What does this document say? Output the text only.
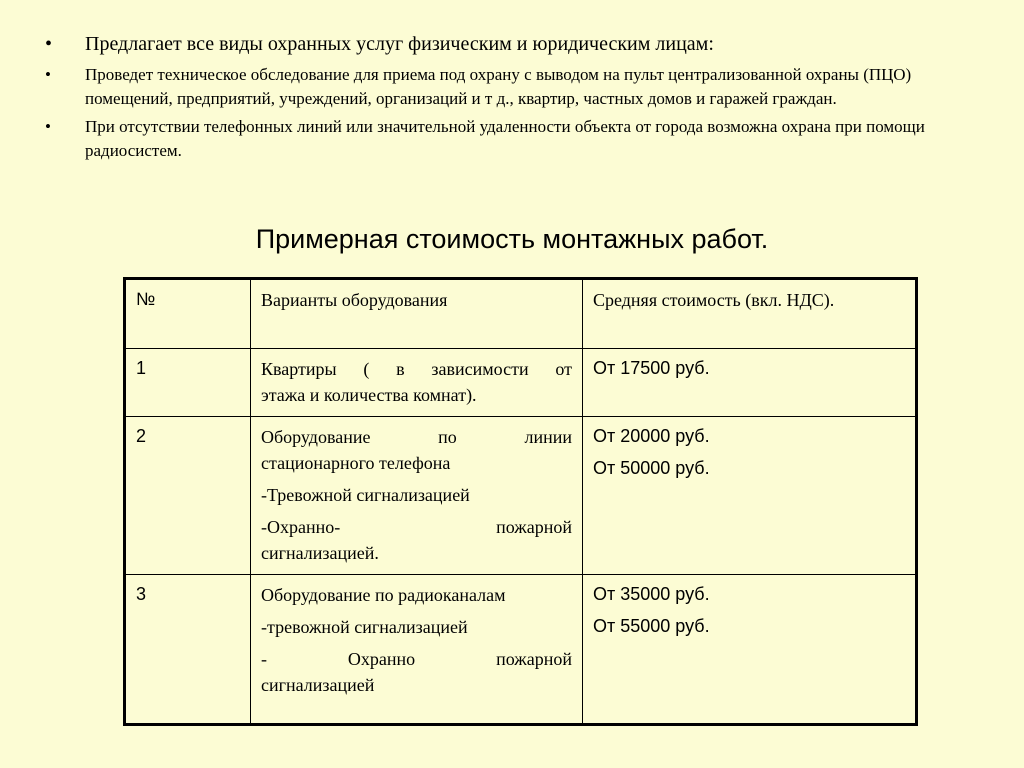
• Предлагает все виды охранных услуг физическим и юридическим лицам:
• Проведет техническое обследование для приема под охрану с выводом на пульт централизованной охраны (ПЦО) помещений, предприятий, учреждений, организаций и т д., квартир, частных домов и гаражей граждан.
• При отсутствии телефонных линий или значительной удаленности объекта от города возможна охрана при помощи радиосистем.
Примерная стоимость монтажных работ.
№	Варианты оборудования	Средняя стоимость (вкл. НДС).
1	Квартиры ( в зависимости от
этажа и количества комнат).	От 17500 руб.

2	Оборудование по линии
стационарного телефона
-Тревожной сигнализацией
-Охранно- пожарной
сигнализацией.	От 20000 руб.
От 50000 руб.

3	Оборудование по радиоканалам
-тревожной сигнализацией
- Охранно пожарной
сигнализацией	От 35000 руб.
От 55000 руб.
